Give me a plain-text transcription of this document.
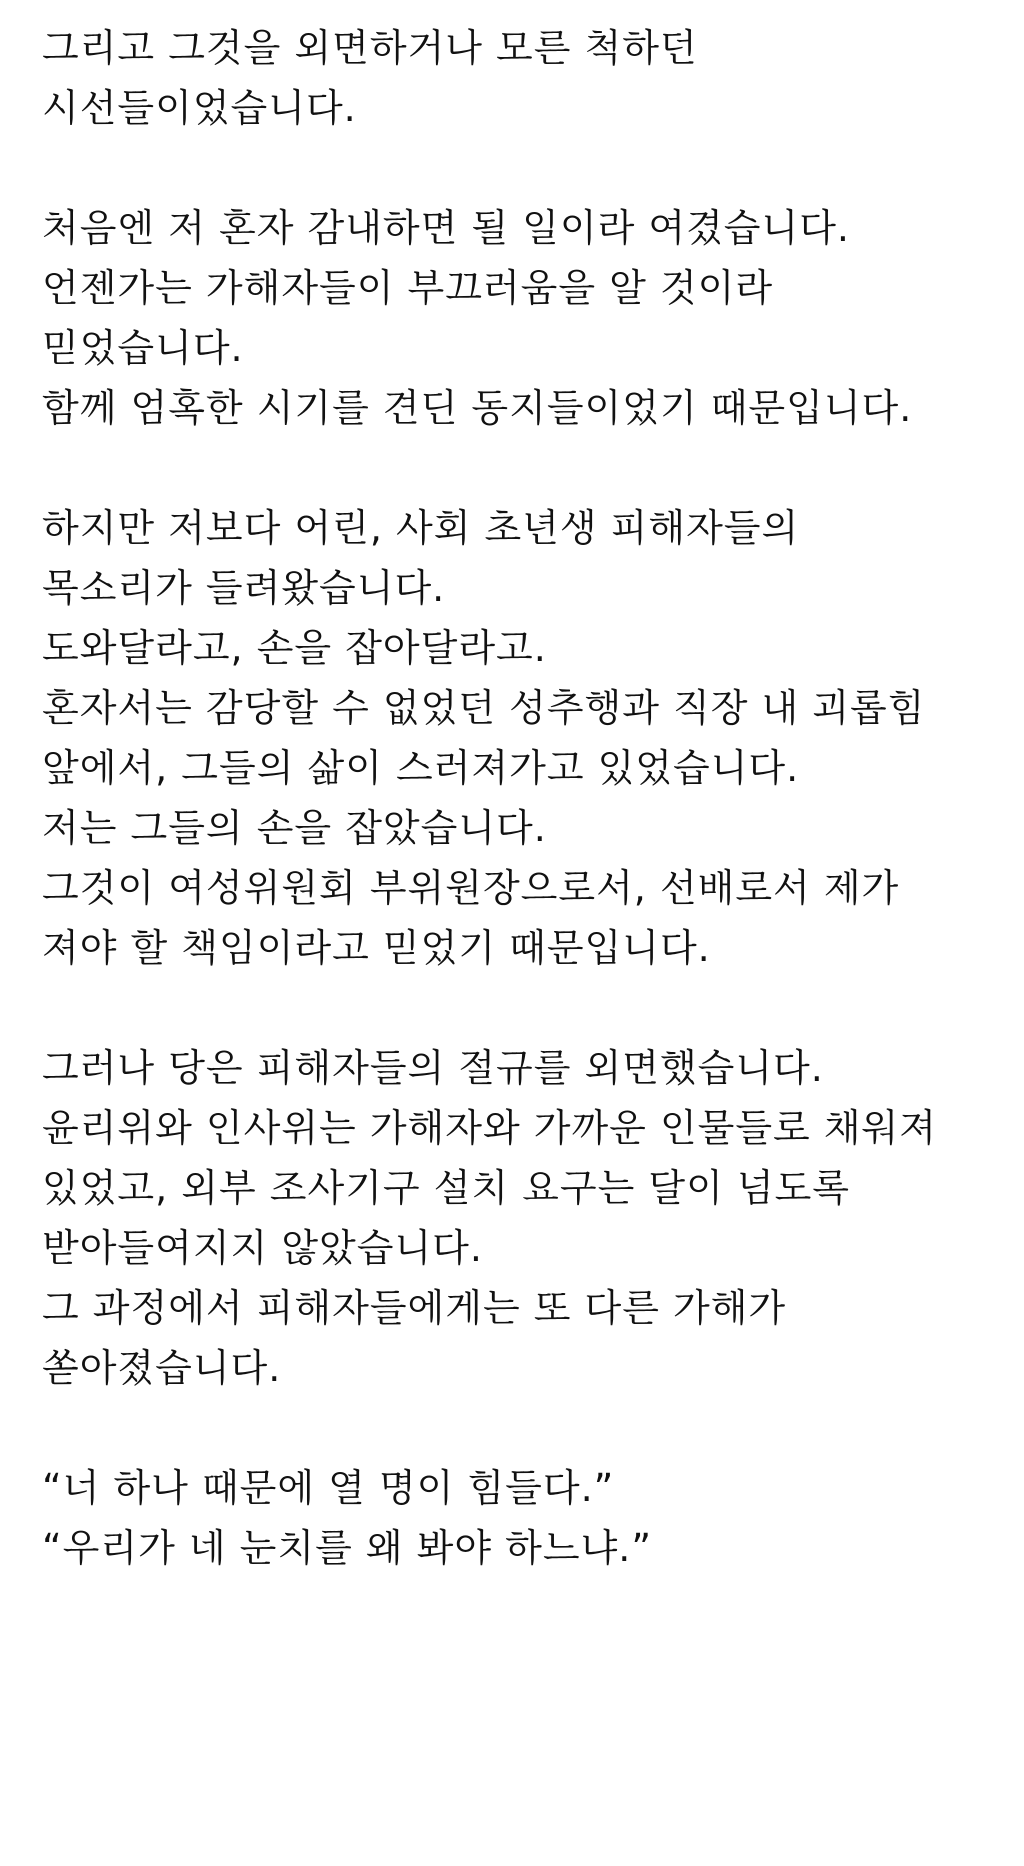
그리고 그것을 외면하거나 모른 척하던
시선들이었습니다.
처음엔 저 혼자 감내하면 될 일이라 여겼습니다.
언젠가는 가해자들이 부끄러움을 알 것이라
믿었습니다.
함께 엄혹한 시기를 견딘 동지들이었기 때문입니다.
하지만 저보다 어린, 사회 초년생 피해자들의
목소리가 들려왔습니다.
도와달라고, 손을 잡아달라고.
혼자서는 감당할 수 없었던 성추행과 직장 내 괴롭힘
앞에서, 그들의 삶이 스러져가고 있었습니다.
저는 그들의 손을 잡았습니다.
그것이 여성위원회 부위원장으로서, 선배로서 제가
져야 할 책임이라고 믿었기 때문입니다.
그러나 당은 피해자들의 절규를 외면했습니다.
윤리위와 인사위는 가해자와 가까운 인물들로 채워져
있었고, 외부 조사기구 설치 요구는 달이 넘도록
받아들여지지 않았습니다.
그 과정에서 피해자들에게는 또 다른 가해가
쏟아졌습니다.
“너 하나 때문에 열 명이 힘들다.”
“우리가 네 눈치를 왜 봐야 하느냐.”
